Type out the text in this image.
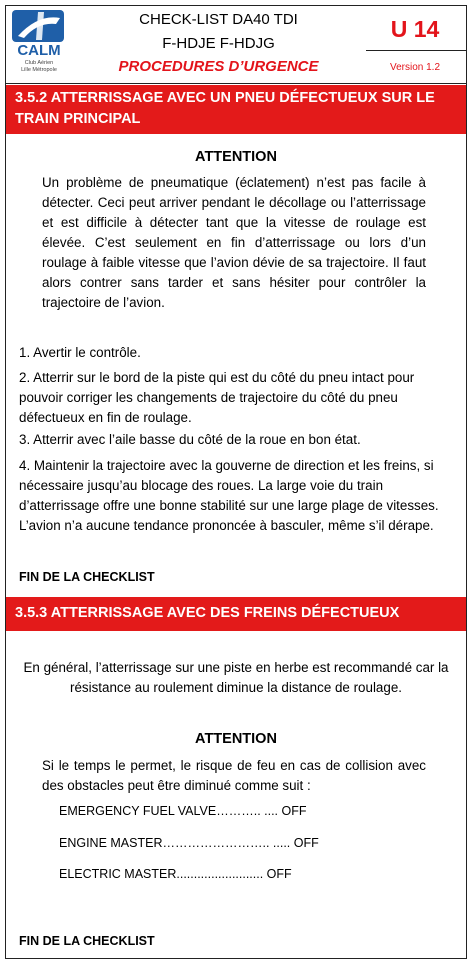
CALM
Club Aérien
Lille Métropole
CHECK-LIST DA40 TDI
F-HDJE F-HDJG
PROCEDURES D’URGENCE
U 14
Version 1.2
3.5.2 ATTERRISSAGE AVEC UN PNEU DÉFECTUEUX SUR LE TRAIN PRINCIPAL
ATTENTION
Un problème de pneumatique (éclatement) n’est pas facile à détecter. Ceci peut arriver pendant le décollage ou l’atterrissage et est difficile à détecter tant que la vitesse de roulage est élevée. C’est seulement en fin d’atterrissage ou lors d’un roulage à faible vitesse que l’avion dévie de sa trajectoire. Il faut alors contrer sans tarder et sans hésiter pour contrôler la trajectoire de l’avion.
1. Avertir le contrôle.
2. Atterrir sur le bord de la piste qui est du côté du pneu intact pour pouvoir corriger les changements de trajectoire du côté du pneu défectueux en fin de roulage.
3. Atterrir avec l’aile basse du côté de la roue en bon état.
4. Maintenir la trajectoire avec la gouverne de direction et les freins, si nécessaire jusqu’au blocage des roues. La large voie du train d’atterrissage offre une bonne stabilité sur une large plage de vitesses. L’avion n’a aucune tendance prononcée à basculer, même s’il dérape.
FIN DE LA CHECKLIST
3.5.3 ATTERRISSAGE AVEC DES FREINS DÉFECTUEUX
En général, l’atterrissage sur une piste en herbe est recommandé car la résistance au roulement diminue la distance de roulage.
ATTENTION
Si le temps le permet, le risque de feu en cas de collision avec des obstacles peut être diminué comme suit :
EMERGENCY FUEL VALVE……….. .... OFF
ENGINE MASTER…………………….. ..... OFF
ELECTRIC MASTER......................... OFF
FIN DE LA CHECKLIST
